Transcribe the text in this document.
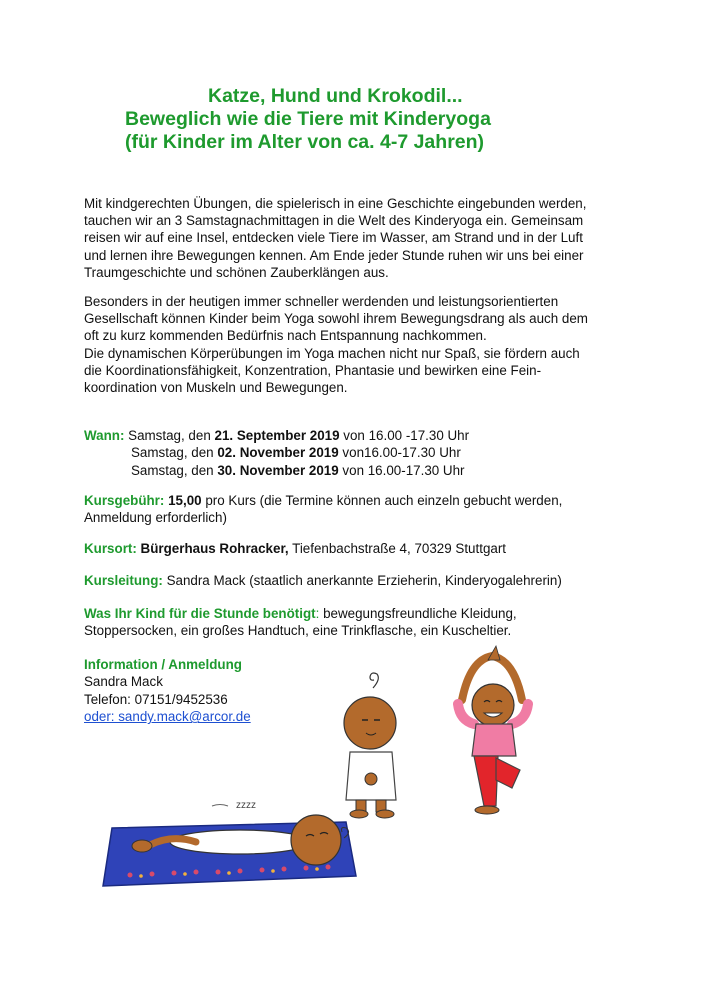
Katze, Hund und Krokodil...
Beweglich wie die Tiere mit Kinderyoga
(für Kinder im Alter von ca. 4-7 Jahren)

Mit kindgerechten Übungen, die spielerisch in eine Geschichte eingebunden werden,

tauchen wir an 3 Samstagnachmittagen in die Welt des Kinderyoga ein. Gemeinsam

reisen wir auf eine Insel, entdecken viele Tiere im Wasser, am Strand und in der Luft

und lernen ihre Bewegungen kennen. Am Ende jeder Stunde ruhen wir uns bei einer

Traumgeschichte und schönen Zauberklängen aus.

Besonders in der heutigen immer schneller werdenden und leistungsorientierten

Gesellschaft können Kinder beim Yoga sowohl ihrem Bewegungsdrang als auch dem

oft zu kurz kommenden Bedürfnis nach Entspannung nachkommen.

Die dynamischen Körperübungen im Yoga machen nicht nur Spaß, sie fördern auch

die Koordinationsfähigkeit, Konzentration, Phantasie und bewirken eine Fein-

koordination von Muskeln und Bewegungen.

Wann: Samstag, den 21. September 2019 von 16.00 -17.30 Uhr
Samstag, den 02. November 2019 von16.00-17.30 Uhr
Samstag, den 30. November 2019 von 16.00-17.30 Uhr
Kursgebühr: 15,00 pro Kurs (die Termine können auch einzeln gebucht werden,
Anmeldung erforderlich)
Kursort: Bürgerhaus Rohracker, Tiefenbachstraße 4, 70329 Stuttgart
Kursleitung: Sandra Mack (staatlich anerkannte Erzieherin, Kinderyogalehrerin)
Was Ihr Kind für die Stunde benötigt: bewegungsfreundliche Kleidung,
Stoppersocken, ein großes Handtuch, eine Trinkflasche, ein Kuscheltier.
Information / Anmeldung
Sandra Mack
Telefon: 07151/9452536
oder: sandy.mack@arcor.de
zzzz
